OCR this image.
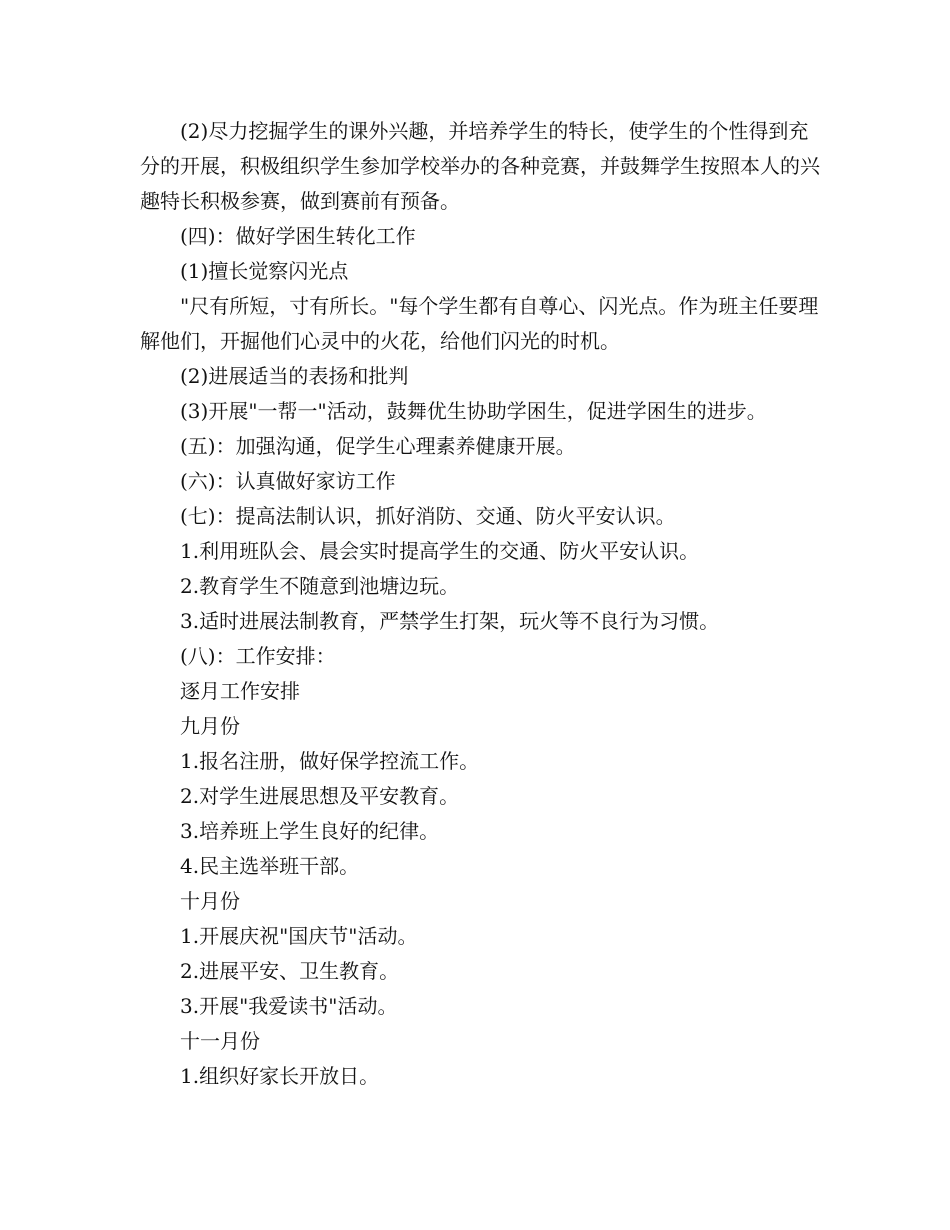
(2)尽力挖掘学生的课外兴趣，并培养学生的特长，使学生的个性得到充分的开展，积极组织学生参加学校举办的各种竞赛，并鼓舞学生按照本人的兴趣特长积极参赛，做到赛前有预备。

(四)：做好学困生转化工作

(1)擅长觉察闪光点

"尺有所短，寸有所长。"每个学生都有自尊心、闪光点。作为班主任要理解他们，开掘他们心灵中的火花，给他们闪光的时机。

(2)进展适当的表扬和批判

(3)开展"一帮一"活动，鼓舞优生协助学困生，促进学困生的进步。

(五)：加强沟通，促学生心理素养健康开展。

(六)：认真做好家访工作

(七)：提高法制认识，抓好消防、交通、防火平安认识。

1.利用班队会、晨会实时提高学生的交通、防火平安认识。

2.教育学生不随意到池塘边玩。

3.适时进展法制教育，严禁学生打架，玩火等不良行为习惯。

(八)：工作安排：

逐月工作安排

九月份

1.报名注册，做好保学控流工作。

2.对学生进展思想及平安教育。

3.培养班上学生良好的纪律。

4.民主选举班干部。

十月份

1.开展庆祝"国庆节"活动。

2.进展平安、卫生教育。

3.开展"我爱读书"活动。

十一月份

1.组织好家长开放日。
